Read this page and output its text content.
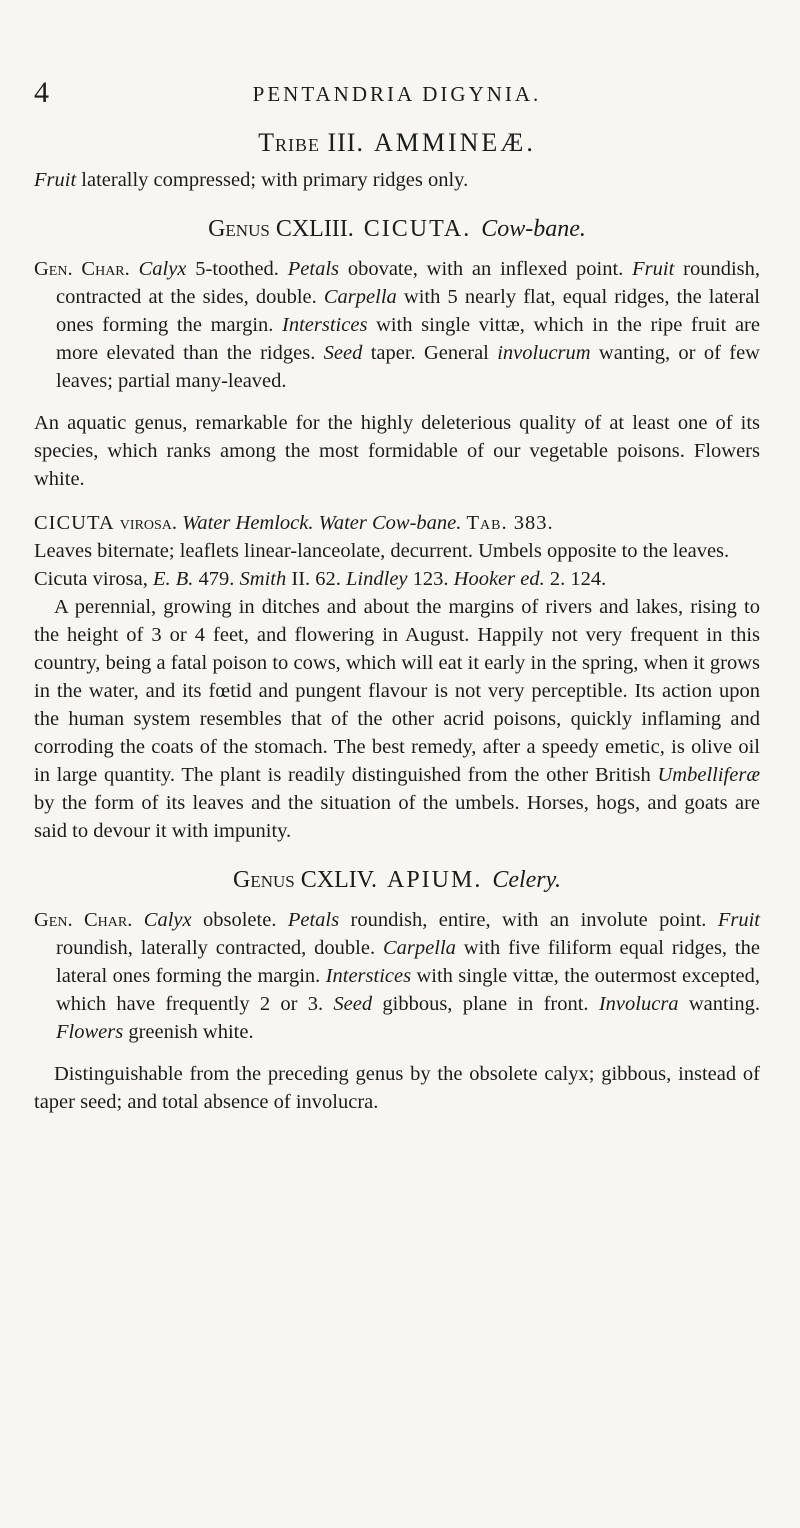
4	PENTANDRIA DIGYNIA.
Tribe III. AMMINEÆ.

Fruit laterally compressed; with primary ridges only.

Genus CXLIII. CICUTA. Cow-bane.

Gen. Char. Calyx 5-toothed. Petals obovate, with an inflexed point. Fruit roundish, contracted at the sides, double. Carpella with 5 nearly flat, equal ridges, the lateral ones forming the margin. Interstices with single vittæ, which in the ripe fruit are more elevated than the ridges. Seed taper. General involucrum wanting, or of few leaves; partial many-leaved.

An aquatic genus, remarkable for the highly deleterious quality of at least one of its species, which ranks among the most formidable of our vegetable poisons. Flowers white.

CICUTA virosa. Water Hemlock. Water Cow-bane. Tab. 383.

Leaves biternate; leaflets linear-lanceolate, decurrent. Umbels opposite to the leaves.

Cicuta virosa, E. B. 479. Smith II. 62. Lindley 123. Hooker ed. 2. 124.

A perennial, growing in ditches and about the margins of rivers and lakes, rising to the height of 3 or 4 feet, and flowering in August. Happily not very frequent in this country, being a fatal poison to cows, which will eat it early in the spring, when it grows in the water, and its fœtid and pungent flavour is not very perceptible. Its action upon the human system resembles that of the other acrid poisons, quickly inflaming and corroding the coats of the stomach. The best remedy, after a speedy emetic, is olive oil in large quantity. The plant is readily distinguished from the other British Umbelliferæ by the form of its leaves and the situation of the umbels. Horses, hogs, and goats are said to devour it with impunity.

Genus CXLIV. APIUM. Celery.

Gen. Char. Calyx obsolete. Petals roundish, entire, with an involute point. Fruit roundish, laterally contracted, double. Carpella with five filiform equal ridges, the lateral ones forming the margin. Interstices with single vittæ, the outermost excepted, which have frequently 2 or 3. Seed gibbous, plane in front. Involucra wanting. Flowers greenish white.

Distinguishable from the preceding genus by the obsolete calyx; gibbous, instead of taper seed; and total absence of involucra.
